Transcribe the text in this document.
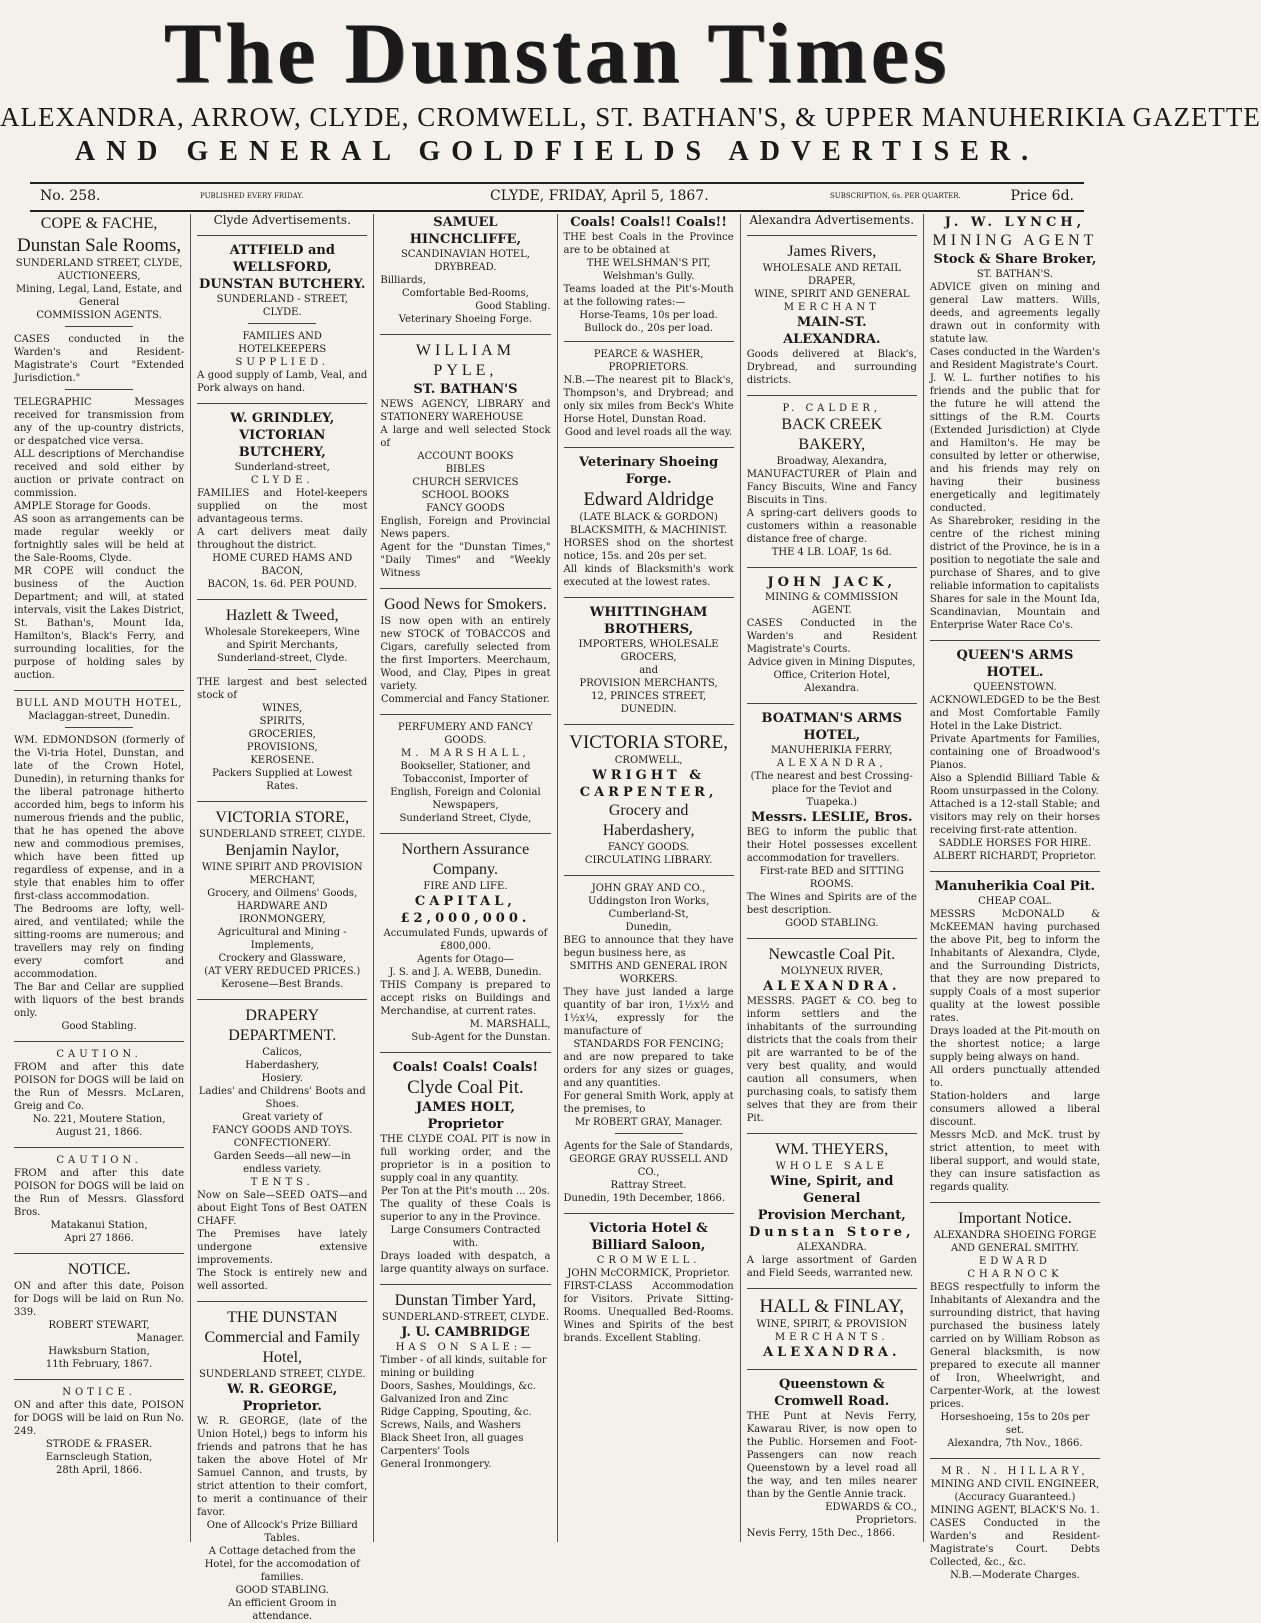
The Dunstan Times
ALEXANDRA, ARROW, CLYDE, CROMWELL, ST. BATHAN'S, & UPPER MANUHERIKIA GAZETTE
AND GENERAL GOLDFIELDS ADVERTISER.
No. 258.	PUBLISHED EVERY FRIDAY.	CLYDE, FRIDAY, April 5, 1867.	SUBSCRIPTION, 6s. PER QUARTER.	Price 6d.
COPE & FACHE,
Dunstan Sale Rooms,
SUNDERLAND STREET, CLYDE,
AUCTIONEERS,
Mining, Legal, Land, Estate, and General
COMMISSION AGENTS.
CASES conducted in the Warden's and Resident-Magistrate's Court "Extended Jurisdiction."
TELEGRAPHIC Messages received for transmission from any of the up-country districts, or despatched vice versa.
ALL descriptions of Merchandise received and sold either by auction or private contract on commission.
AMPLE Storage for Goods.
AS soon as arrangements can be made regular weekly or fortnightly sales will be held at the Sale-Rooms, Clyde.
MR COPE will conduct the business of the Auction Department; and will, at stated intervals, visit the Lakes District, St. Bathan's, Mount Ida, Hamilton's, Black's Ferry, and surrounding localities, for the purpose of holding sales by auction.
BULL AND MOUTH HOTEL,
Maclaggan-street, Dunedin.
WM. EDMONDSON (formerly of the Vi-tria Hotel, Dunstan, and late of the Crown Hotel, Dunedin), in returning thanks for the liberal patronage hitherto accorded him, begs to inform his numerous friends and the public, that he has opened the above new and commodious premises, which have been fitted up regardless of expense, and in a style that enables him to offer first-class accommodation.
The Bedrooms are lofty, well-aired, and ventilated; while the sitting-rooms are numerous; and travellers may rely on finding every comfort and accommodation.
The Bar and Cellar are supplied with liquors of the best brands only.
Good Stabling.
CAUTION.
FROM and after this date POISON for DOGS will be laid on the Run of Messrs. McLaren, Greig and Co.
No. 221, Moutere Station,
August 21, 1866.
CAUTION.
FROM and after this date POISON for DOGS will be laid on the Run of Messrs. Glassford Bros.
Matakanui Station,
Apri 27 1866.
NOTICE.
ON and after this date, Poison for Dogs will be laid on Run No. 339.
ROBERT STEWART,
Manager.
Hawksburn Station,
11th February, 1867.
NOTICE.
ON and after this date, POISON for DOGS will be laid on Run No. 249.
STRODE & FRASER.
Earnscleugh Station,
28th April, 1866.
Clyde Advertisements.
ATTFIELD and WELLSFORD,
DUNSTAN BUTCHERY.
SUNDERLAND - STREET, CLYDE.
FAMILIES AND HOTELKEEPERS
SUPPLIED.
A good supply of Lamb, Veal, and Pork always on hand.
W. GRINDLEY,
VICTORIAN BUTCHERY,
Sunderland-street,
CLYDE.
FAMILIES and Hotel-keepers supplied on the most advantageous terms.
A cart delivers meat daily throughout the district.
HOME CURED HAMS AND BACON,
BACON, 1s. 6d. PER POUND.
Hazlett & Tweed,
Wholesale Storekeepers, Wine and Spirit Merchants,
Sunderland-street, Clyde.
THE largest and best selected stock of
WINES,
SPIRITS,
GROCERIES,
PROVISIONS,
KEROSENE.
Packers Supplied at Lowest Rates.
VICTORIA STORE,
SUNDERLAND STREET, CLYDE.
Benjamin Naylor,
WINE SPIRIT AND PROVISION MERCHANT,
Grocery, and Oilmens' Goods,
HARDWARE AND IRONMONGERY,
Agricultural and Mining - Implements,
Crockery and Glassware,
(AT VERY REDUCED PRICES.)
Kerosene—Best Brands.
DRAPERY DEPARTMENT.
Calicos,
Haberdashery,
Hosiery.
Ladies' and Childrens' Boots and Shoes.
Great variety of
FANCY GOODS AND TOYS.
CONFECTIONERY.
Garden Seeds—all new—in endless variety.
TENTS.
Now on Sale—SEED OATS—and about Eight Tons of Best OATEN CHAFF.
The Premises have lately undergone extensive improvements.
The Stock is entirely new and well assorted.
THE DUNSTAN
Commercial and Family Hotel,
SUNDERLAND STREET, CLYDE.
W. R. GEORGE, Proprietor.
W. R. GEORGE, (late of the Union Hotel,) begs to inform his friends and patrons that he has taken the above Hotel of Mr Samuel Cannon, and trusts, by strict attention to their comfort, to merit a continuance of their favor.
One of Allcock's Prize Billiard Tables.
A Cottage detached from the Hotel, for the accomodation of families.
GOOD STABLING.
An efficient Groom in attendance.
SAMUEL HINCHCLIFFE,
SCANDINAVIAN HOTEL,
DRYBREAD.
Billiards,
Comfortable Bed-Rooms,
Good Stabling.
Veterinary Shoeing Forge.
WILLIAM PYLE,
ST. BATHAN'S
NEWS AGENCY, LIBRARY and STATIONERY WAREHOUSE
A large and well selected Stock of
ACCOUNT BOOKS
BIBLES
CHURCH SERVICES
SCHOOL BOOKS
FANCY GOODS
English, Foreign and Provincial News papers.
Agent for the "Dunstan Times," "Daily Times" and "Weekly Witness
Good News for Smokers.
IS now open with an entirely new STOCK of TOBACCOS and Cigars, carefully selected from the first Importers. Meerchaum, Wood, and Clay, Pipes in great variety.
Commercial and Fancy Stationer.
PERFUMERY AND FANCY GOODS.
M. MARSHALL,
Bookseller, Stationer, and Tobacconist, Importer of
English, Foreign and Colonial Newspapers,
Sunderland Street, Clyde,
Northern Assurance Company.
FIRE AND LIFE.
CAPITAL, £2,000,000.
Accumulated Funds, upwards of £800,000.
Agents for Otago—
J. S. and J. A. WEBB, Dunedin.
THIS Company is prepared to accept risks on Buildings and Merchandise, at current rates.
M. MARSHALL,
Sub-Agent for the Dunstan.
Coals! Coals! Coals!
Clyde Coal Pit.
JAMES HOLT, Proprietor
THE CLYDE COAL PIT is now in full working order, and the proprietor is in a position to supply coal in any quantity.
Per Ton at the Pit's mouth ... 20s.
The quality of these Coals is superior to any in the Province.
Large Consumers Contracted with.
Drays loaded with despatch, a large quantity always on surface.
Dunstan Timber Yard,
SUNDERLAND-STREET, CLYDE.
J. U. CAMBRIDGE
HAS ON SALE:—
Timber - of all kinds, suitable for mining or building
Doors, Sashes, Mouldings, &c.
Galvanized Iron and Zinc
Ridge Capping, Spouting, &c.
Screws, Nails, and Washers
Black Sheet Iron, all guages
Carpenters' Tools
General Ironmongery.
Coals! Coals!! Coals!!
THE best Coals in the Province are to be obtained at
THE WELSHMAN'S PIT,
Welshman's Gully.
Teams loaded at the Pit's-Mouth at the following rates:—
Horse-Teams, 10s per load.
Bullock do., 20s per load.
PEARCE & WASHER, PROPRIETORS.
N.B.—The nearest pit to Black's, Thompson's, and Drybread; and only six miles from Beck's White Horse Hotel, Dunstan Road.
Good and level roads all the way.
Veterinary Shoeing Forge.
Edward Aldridge
(LATE BLACK & GORDON)
BLACKSMITH, & MACHINIST.
HORSES shod on the shortest notice, 15s. and 20s per set.
All kinds of Blacksmith's work executed at the lowest rates.
WHITTINGHAM BROTHERS,
IMPORTERS, WHOLESALE GROCERS,
and
PROVISION MERCHANTS,
12, PRINCES STREET, DUNEDIN.
VICTORIA STORE,
CROMWELL,
WRIGHT & CARPENTER,
Grocery and Haberdashery,
FANCY GOODS.
CIRCULATING LIBRARY.
JOHN GRAY AND CO.,
Uddingston Iron Works, Cumberland-St,
Dunedin,
BEG to announce that they have begun business here, as
SMITHS AND GENERAL IRON WORKERS.
They have just landed a large quantity of bar iron, 1½x½ and 1½x¼, expressly for the manufacture of
STANDARDS FOR FENCING;
and are now prepared to take orders for any sizes or guages, and any quantities.
For general Smith Work, apply at the premises, to
Mr ROBERT GRAY, Manager.
Agents for the Sale of Standards,
GEORGE GRAY RUSSELL AND CO.,
Rattray Street.
Dunedin, 19th December, 1866.
Victoria Hotel & Billiard Saloon,
CROMWELL.
JOHN McCORMICK, Proprietor.
FIRST-CLASS Accommodation for Visitors. Private Sitting-Rooms. Unequalled Bed-Rooms. Wines and Spirits of the best brands. Excellent Stabling.
Alexandra Advertisements.
James Rivers,
WHOLESALE AND RETAIL DRAPER,
WINE, SPIRIT AND GENERAL
MERCHANT
MAIN-ST. ALEXANDRA.
Goods delivered at Black's, Drybread, and surrounding districts.
P. CALDER,
BACK CREEK BAKERY,
Broadway, Alexandra,
MANUFACTURER of Plain and Fancy Biscuits, Wine and Fancy Biscuits in Tins.
A spring-cart delivers goods to customers within a reasonable distance free of charge.
THE 4 LB. LOAF, 1s 6d.
JOHN JACK,
MINING & COMMISSION AGENT.
CASES Conducted in the Warden's and Resident Magistrate's Courts.
Advice given in Mining Disputes,
Office, Criterion Hotel, Alexandra.
BOATMAN'S ARMS HOTEL,
MANUHERIKIA FERRY,
ALEXANDRA,
(The nearest and best Crossing-place for the Teviot and Tuapeka.)
Messrs. LESLIE, Bros.
BEG to inform the public that their Hotel possesses excellent accommodation for travellers.
First-rate BED and SITTING ROOMS.
The Wines and Spirits are of the best description.
GOOD STABLING.
Newcastle Coal Pit.
MOLYNEUX RIVER,
ALEXANDRA.
MESSRS. PAGET & CO. beg to inform settlers and the inhabitants of the surrounding districts that the coals from their pit are warranted to be of the very best quality, and would caution all consumers, when purchasing coals, to satisfy them selves that they are from their Pit.
WM. THEYERS,
WHOLE SALE
Wine, Spirit, and General
Provision Merchant,
Dunstan Store,
ALEXANDRA.
A large assortment of Garden and Field Seeds, warranted new.
HALL & FINLAY,
WINE, SPIRIT, & PROVISION
MERCHANTS.
ALEXANDRA.
Queenstown & Cromwell Road.
THE Punt at Nevis Ferry, Kawarau River, is now open to the Public. Horsemen and Foot-Passengers can now reach Queenstown by a level road all the way, and ten miles nearer than by the Gentle Annie track.
EDWARDS & CO.,
Proprietors.
Nevis Ferry, 15th Dec., 1866.
J. W. LYNCH,
MINING AGENT
Stock & Share Broker,
ST. BATHAN'S.
ADVICE given on mining and general Law matters. Wills, deeds, and agreements legally drawn out in conformity with statute law.
Cases conducted in the Warden's and Resident Magistrate's Court.
J. W. L. further notifies to his friends and the public that for the future he will attend the sittings of the R.M. Courts (Extended Jurisdiction) at Clyde and Hamilton's. He may be consulted by letter or otherwise, and his friends may rely on having their business energetically and legitimately conducted.
As Sharebroker, residing in the centre of the richest mining district of the Province, he is in a position to negotiate the sale and purchase of Shares, and to give reliable information to capitalists
Shares for sale in the Mount Ida, Scandinavian, Mountain and Enterprise Water Race Co's.
QUEEN'S ARMS HOTEL.
QUEENSTOWN.
ACKNOWLEDGED to be the Best and Most Comfortable Family Hotel in the Lake District.
Private Apartments for Families, containing one of Broadwood's Pianos.
Also a Splendid Billiard Table & Room unsurpassed in the Colony.
Attached is a 12-stall Stable; and visitors may rely on their horses receiving first-rate attention.
SADDLE HORSES FOR HIRE.
ALBERT RICHARDT, Proprietor.
Manuherikia Coal Pit.
CHEAP COAL.
MESSRS McDONALD & McKEEMAN having purchased the above Pit, beg to inform the Inhabitants of Alexandra, Clyde, and the Surrounding Districts, that they are now prepared to supply Coals of a most superior quality at the lowest possible rates.
Drays loaded at the Pit-mouth on the shortest notice; a large supply being always on hand.
All orders punctually attended to.
Station-holders and large consumers allowed a liberal discount.
Messrs McD. and McK. trust by strict attention, to meet with liberal support, and would state, they can insure satisfaction as regards quality.
Important Notice.
ALEXANDRA SHOEING FORGE AND GENERAL SMITHY.
EDWARD CHARNOCK
BEGS respectfully to inform the Inhabitants of Alexandra and the surrounding district, that having purchased the business lately carried on by William Robson as General blacksmith, is now prepared to execute all manner of Iron, Wheelwright, and Carpenter-Work, at the lowest prices.
Horseshoeing, 15s to 20s per set.
Alexandra, 7th Nov., 1866.
MR. N. HILLARY,
MINING AND CIVIL ENGINEER,
(Accuracy Guaranteed.)
MINING AGENT, BLACK'S No. 1.
CASES Conducted in the Warden's and Resident-Magistrate's Court. Debts Collected, &c., &c.
N.B.—Moderate Charges.
